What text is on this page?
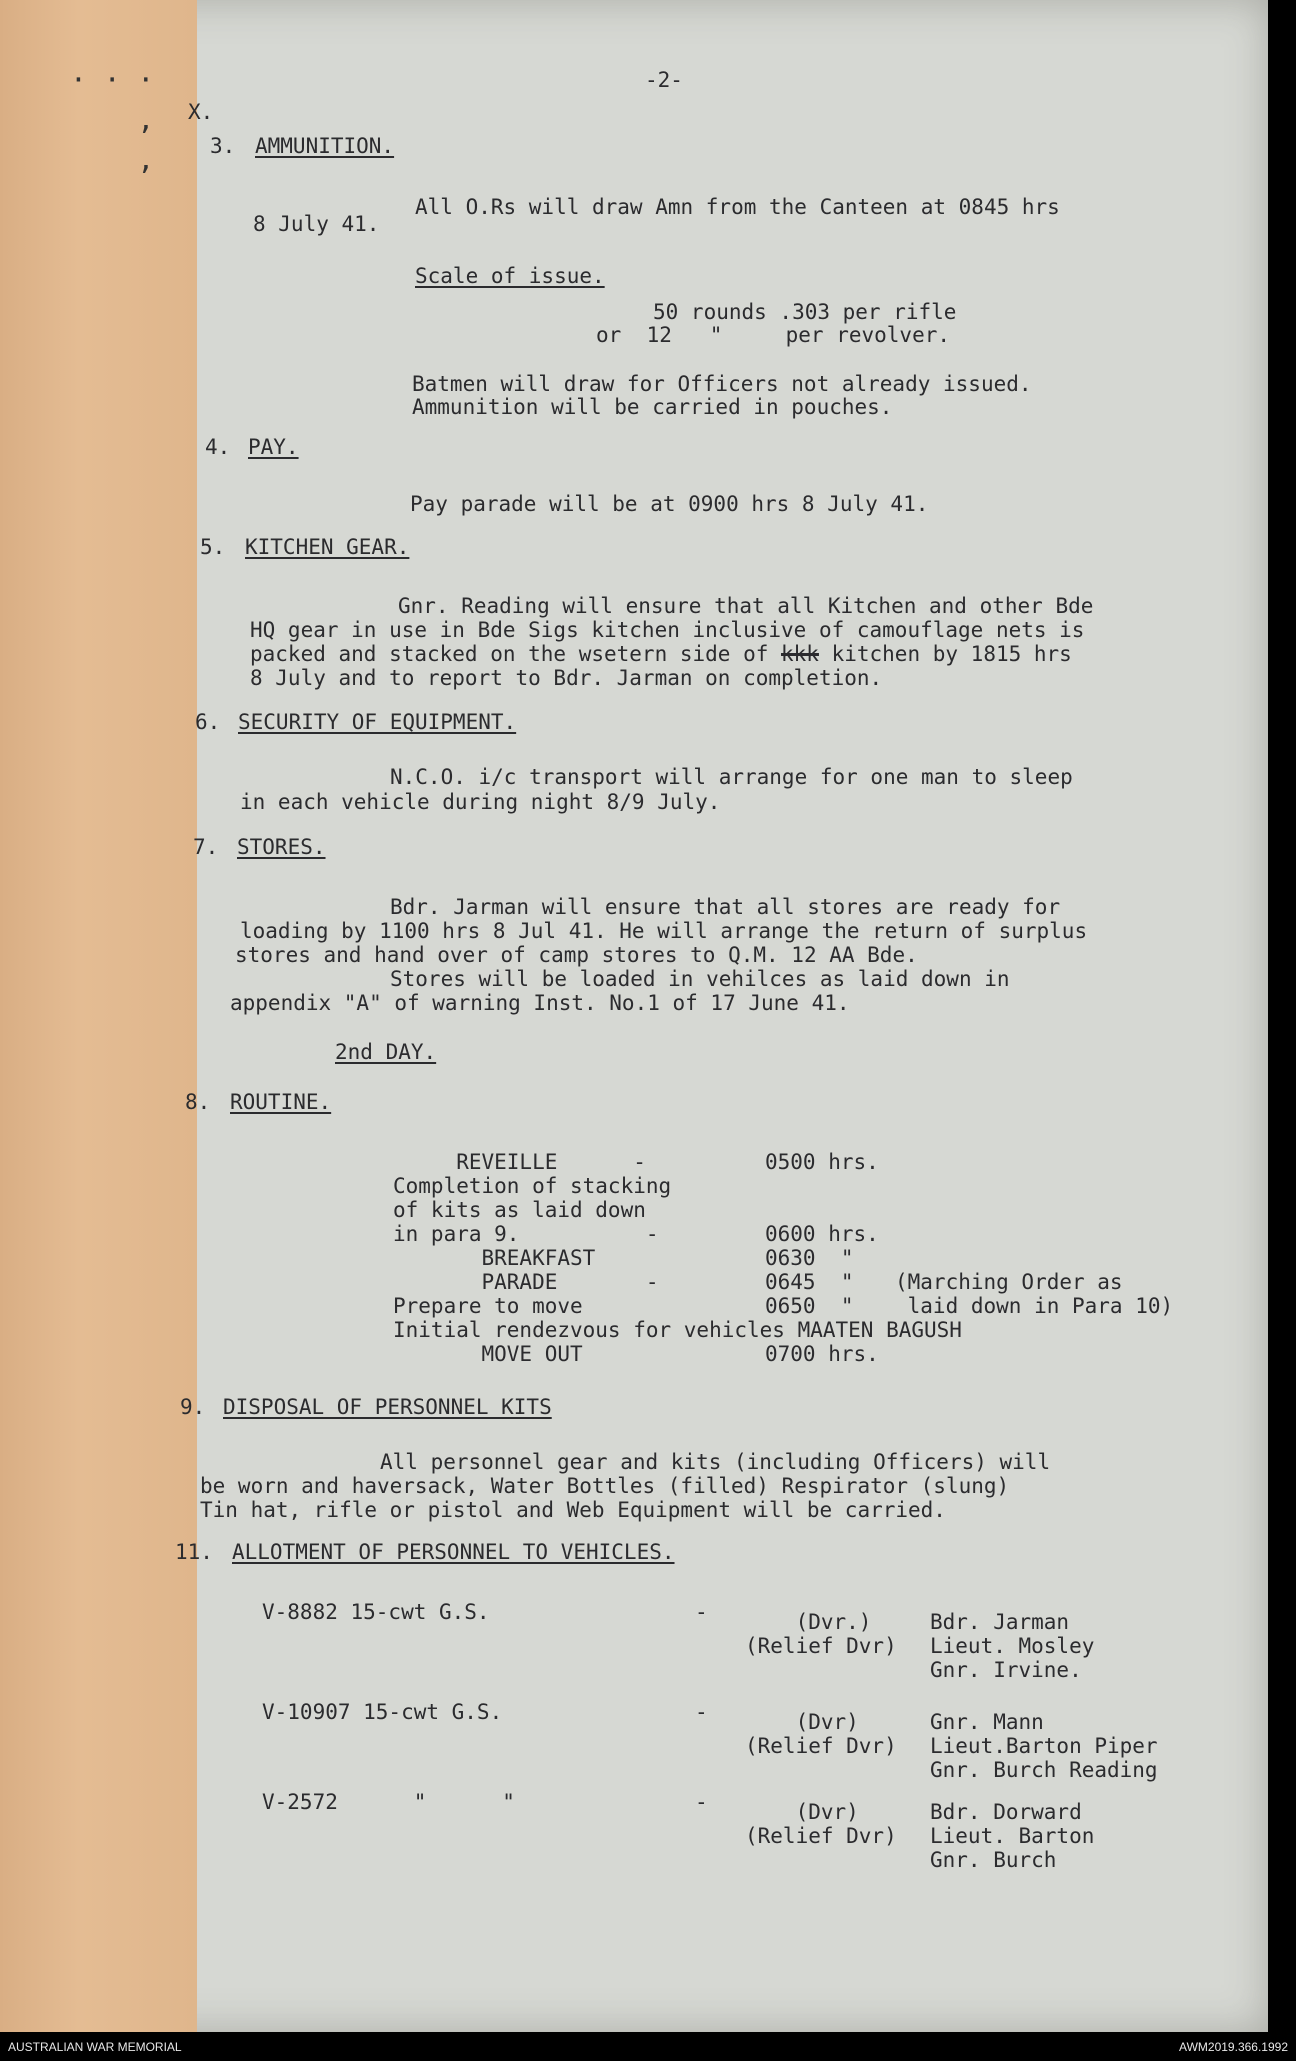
· · ·
,
,
-2-
X.
3. AMMUNITION.
All O.Rs will draw Amn from the Canteen at 0845 hrs
8 July 41.
Scale of issue.
50 rounds .303 per rifle
or  12   "     per revolver.
Batmen will draw for Officers not already issued.
Ammunition will be carried in pouches.
4. PAY.
Pay parade will be at 0900 hrs 8 July 41.
5. KITCHEN GEAR.
Gnr. Reading will ensure that all Kitchen and other Bde
HQ gear in use in Bde Sigs kitchen inclusive of camouflage nets is
packed and stacked on the wsetern side of kkk kitchen by 1815 hrs
8 July and to report to Bdr. Jarman on completion.
6. SECURITY OF EQUIPMENT.
N.C.O. i/c transport will arrange for one man to sleep
in each vehicle during night 8/9 July.
7. STORES.
Bdr. Jarman will ensure that all stores are ready for
loading by 1100 hrs 8 Jul 41. He will arrange the return of surplus
stores and hand over of camp stores to Q.M. 12 AA Bde.
Stores will be loaded in vehilces as laid down in
appendix "A" of warning Inst. No.1 of 17 June 41.
2nd DAY.
8. ROUTINE.
REVEILLE      -	0500 hrs.
Completion of stacking
of kits as laid down
in para 9.          -	0600 hrs.
BREAKFAST	0630  "
PARADE       -	0645  " (Marching Order as
Prepare to move	0650  " laid down in Para 10)
Initial rendezvous for vehicles MAATEN BAGUSH
MOVE OUT	0700 hrs.
9. DISPOSAL OF PERSONNEL KITS
All personnel gear and kits (including Officers) will
be worn and haversack, Water Bottles (filled) Respirator (slung)
Tin hat, rifle or pistol and Web Equipment will be carried.
11. ALLOTMENT OF PERSONNEL TO VEHICLES.
V-8882 15-cwt G.S.	- (Dvr.)	Bdr. Jarman
(Relief Dvr) Lieut. Mosley
Gnr. Irvine.
V-10907 15-cwt G.S.	- (Dvr)	Gnr. Mann
(Relief Dvr) Lieut.Barton Piper
Gnr. Burch Reading
V-2572      "      "	- (Dvr)	Bdr. Dorward
(Relief Dvr) Lieut. Barton
Gnr. Burch
AUSTRALIAN WAR MEMORIAL	AWM2019.366.1992
